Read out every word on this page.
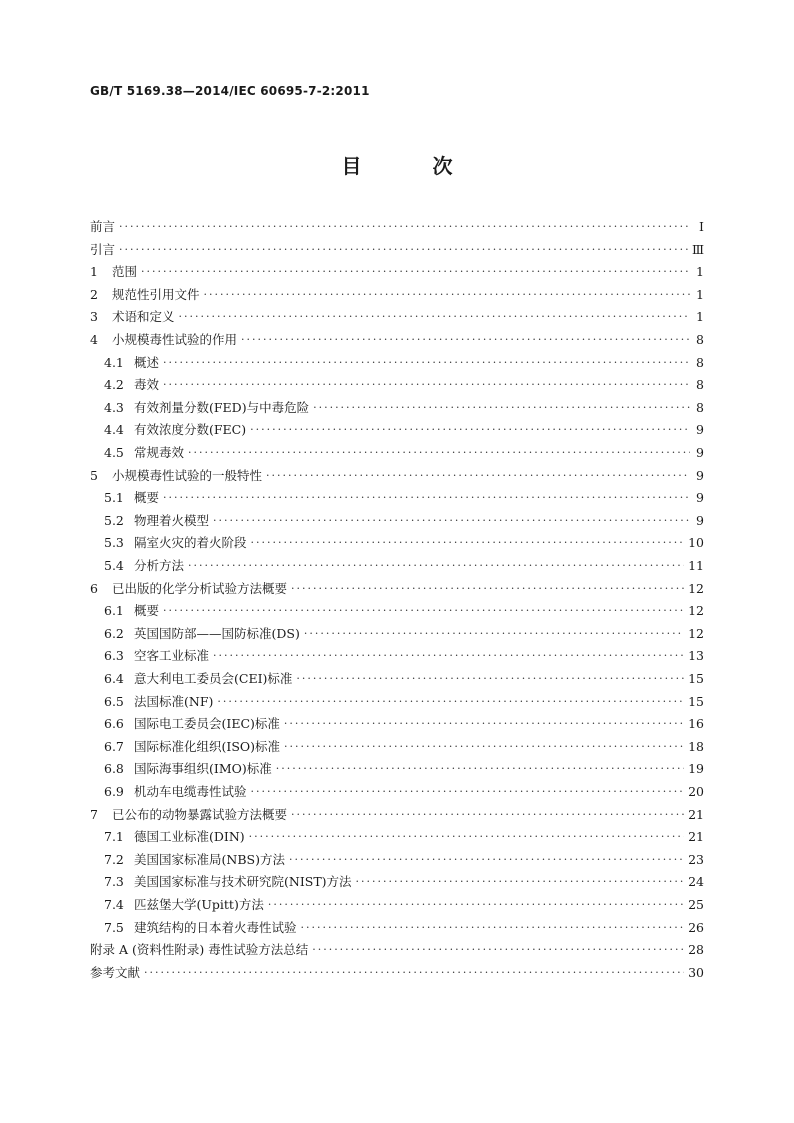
GB/T 5169.38—2014/IEC 60695-7-2:2011
目 次
前言 ·····	Ⅰ
引言 ·····	Ⅲ
1	范围 ·····	1
2	规范性引用文件 ·····	1
3	术语和定义 ·····	1
4	小规模毒性试验的作用 ·····	8
4.1 概述 ·····	8
4.2 毒效 ·····	8
4.3 有效剂量分数(FED)与中毒危险 ·····	8
4.4 有效浓度分数(FEC) ·····	9
4.5 常规毒效 ·····	9
5	小规模毒性试验的一般特性 ·····	9
5.1 概要 ·····	9
5.2 物理着火模型 ·····	9
5.3 隔室火灾的着火阶段 ·····	10
5.4 分析方法 ·····	11
6	已出版的化学分析试验方法概要 ·····	12
6.1 概要 ·····	12
6.2 英国国防部——国防标准(DS) ·····	12
6.3 空客工业标准 ·····	13
6.4 意大利电工委员会(CEI)标准 ·····	15
6.5 法国标准(NF) ·····	15
6.6 国际电工委员会(IEC)标准 ·····	16
6.7 国际标准化组织(ISO)标准 ·····	18
6.8 国际海事组织(IMO)标准 ·····	19
6.9 机动车电缆毒性试验 ·····	20
7	已公布的动物暴露试验方法概要 ·····	21
7.1 德国工业标准(DIN) ·····	21
7.2 美国国家标准局(NBS)方法 ·····	23
7.3 美国国家标准与技术研究院(NIST)方法 ·····	24
7.4 匹兹堡大学(Upitt)方法 ·····	25
7.5 建筑结构的日本着火毒性试验 ·····	26
附录 A (资料性附录) 毒性试验方法总结 ·····	28
参考文献 ·····	30
